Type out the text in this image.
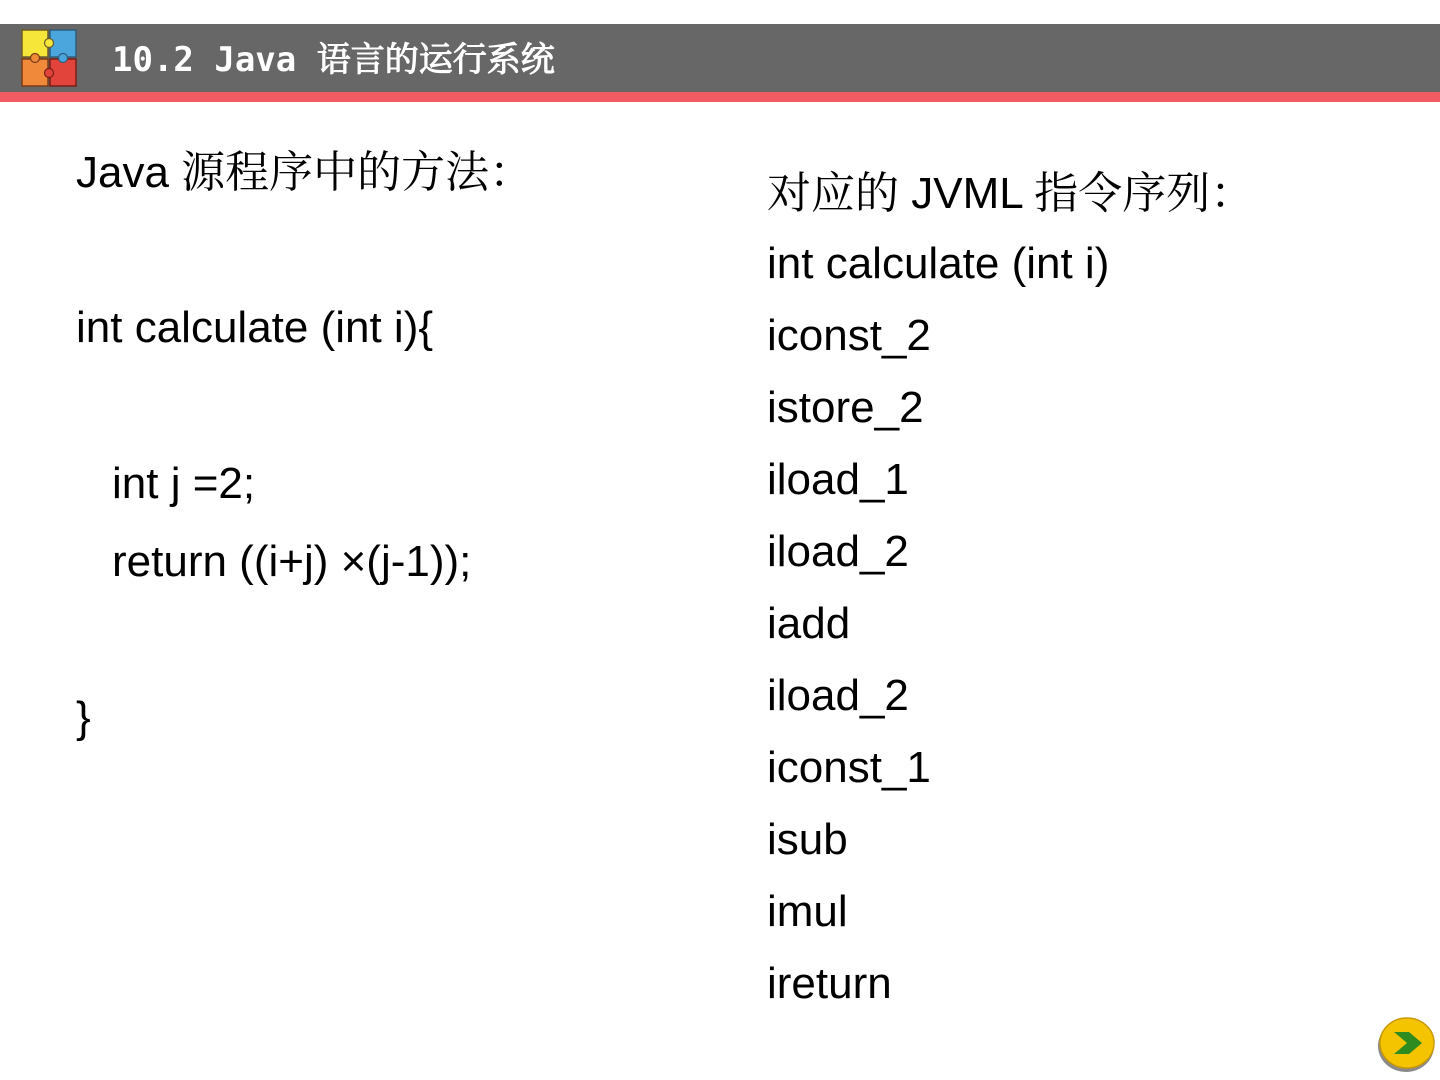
10.2 Java 语言的运行系统
Java 源程序中的方法：
int calculate (int i){
int j =2;
return ((i+j) ×(j-1));
}
对应的 JVML 指令序列：
int calculate (int i)
iconst_2
istore_2
iload_1
iload_2
iadd
iload_2
iconst_1
isub
imul
ireturn
